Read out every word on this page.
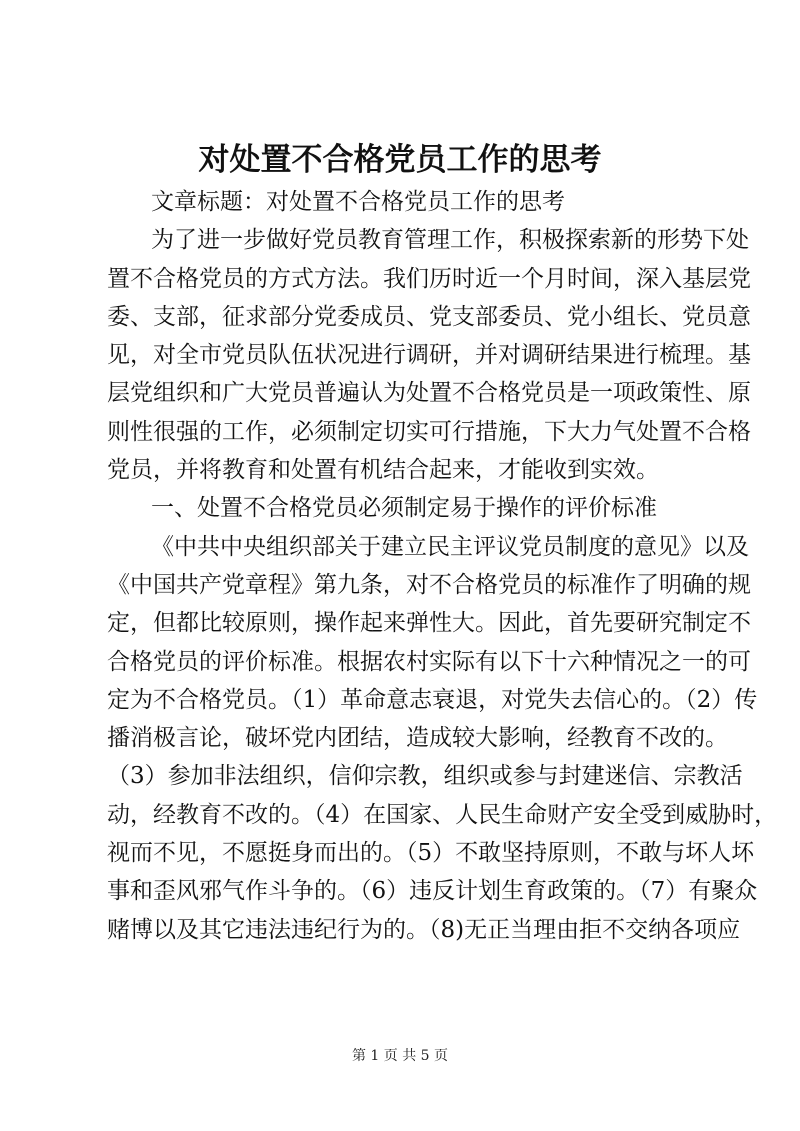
对处置不合格党员工作的思考
文章标题：对处置不合格党员工作的思考
为了进一步做好党员教育管理工作，积极探索新的形势下处
置不合格党员的方式方法。我们历时近一个月时间，深入基层党
委、支部，征求部分党委成员、党支部委员、党小组长、党员意
见，对全市党员队伍状况进行调研，并对调研结果进行梳理。基
层党组织和广大党员普遍认为处置不合格党员是一项政策性、原
则性很强的工作，必须制定切实可行措施，下大力气处置不合格
党员，并将教育和处置有机结合起来，才能收到实效。
一、处置不合格党员必须制定易于操作的评价标准
《中共中央组织部关于建立民主评议党员制度的意见》以及
《中国共产党章程》第九条，对不合格党员的标准作了明确的规
定，但都比较原则，操作起来弹性大。因此，首先要研究制定不
合格党员的评价标准。根据农村实际有以下十六种情况之一的可
定为不合格党员。（1）革命意志衰退，对党失去信心的。（2）传
播消极言论，破坏党内团结，造成较大影响，经教育不改的。
（3）参加非法组织，信仰宗教，组织或参与封建迷信、宗教活
动，经教育不改的。（4）在国家、人民生命财产安全受到威胁时，
视而不见，不愿挺身而出的。（5）不敢坚持原则，不敢与坏人坏
事和歪风邪气作斗争的。（6）违反计划生育政策的。（7）有聚众
赌博以及其它违法违纪行为的。（8)无正当理由拒不交纳各项应
第 1 页 共 5 页
